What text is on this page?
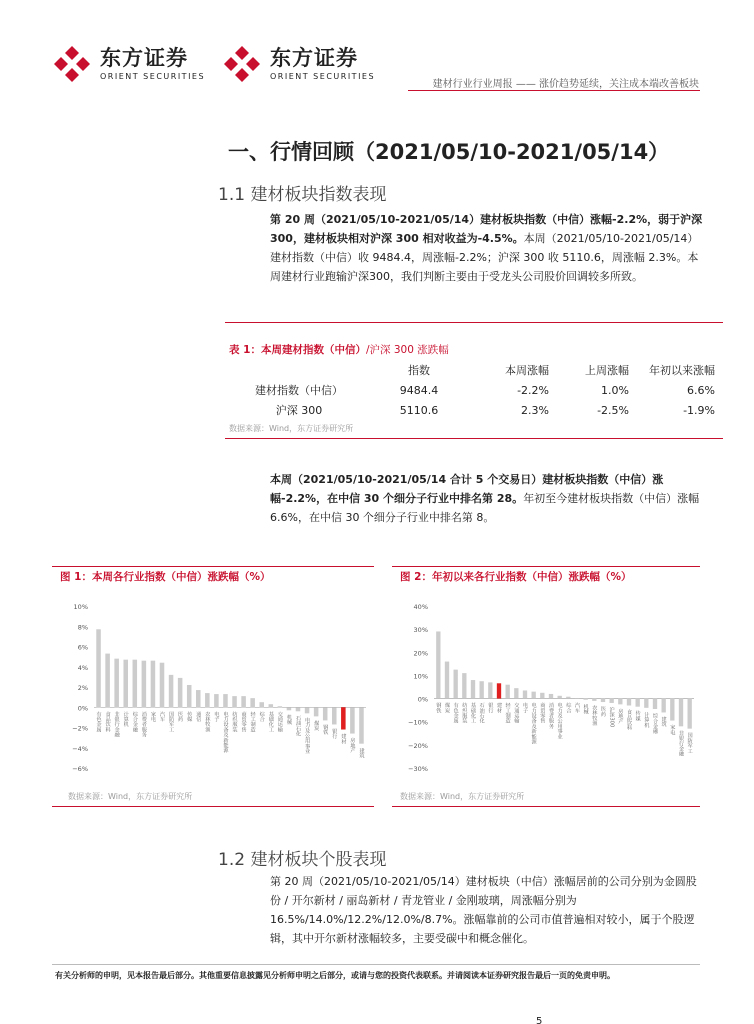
东方证券
ORIENT SECURITIES
东方证券
ORIENT SECURITIES
建材行业行业周报 —— 涨价趋势延续，关注成本端改善板块
一、行情回顾（2021/05/10-2021/05/14）
1.1 建材板块指数表现
第 20 周（2021/05/10-2021/05/14）建材板块指数（中信）涨幅-2.2%，弱于沪深 300，建材板块相对沪深 300 相对收益为-4.5%。本周（2021/05/10-2021/05/14）建材指数（中信）收 9484.4，周涨幅-2.2%；沪深 300 收 5110.6，周涨幅 2.3%。本周建材行业跑输沪深300，我们判断主要由于受龙头公司股价回调较多所致。
表 1：本周建材指数（中信）/沪深 300 涨跌幅
	指数	本周涨幅	上周涨幅	年初以来涨幅
建材指数（中信）	9484.4	-2.2%	1.0%	6.6%
沪深 300	5110.6	2.3%	-2.5%	-1.9%
数据来源：Wind，东方证券研究所
本周（2021/05/10-2021/05/14 合计 5 个交易日）建材板块指数（中信）涨幅-2.2%，在中信 30 个细分子行业中排名第 28。年初至今建材板块指数（中信）涨幅 6.6%，在中信 30 个细分子行业中排名第 8。
图 1：本周各行业指数（中信）涨跌幅（%）	图 2：年初以来各行业指数（中信）涨跌幅（%）
10%
8%
6%
4%
2%
0%
−2%
−4%
−6%
有色金属 食品饮料 非银行金融 计算机 综合金融 消费者服务 家电 汽车 国防军工 医药 传媒 通信 农林牧渔 电子 电力设备及新能源 纺织服装 商贸零售 轻工制造 综合 基础化工 交通运输 机械 石油石化 电力及公用事业 煤炭 钢铁 银行 建材 房地产 建筑
40%
30%
20%
10%
0%
−10%
−20%
−30%
钢铁 煤炭 有色金属 纺织服装 基础化工 石油石化 银行 建材 轻工制造 交通运输 电子 电力设备及新能源 商贸零售 消费者服务 电力及公用事业 综合 汽车 机械 农林牧渔 医药 沪深300 房地产 食品饮料 传媒 计算机 综合金融 建筑
家电
非银行金融 国防军工
数据来源：Wind，东方证券研究所	数据来源：Wind，东方证券研究所
1.2 建材板块个股表现
第 20 周（2021/05/10-2021/05/14）建材板块（中信）涨幅居前的公司分别为金圆股份 / 开尔新材 / 丽岛新材 / 青龙管业 / 金刚玻璃，周涨幅分别为 16.5%/14.0%/12.2%/12.0%/8.7%。涨幅靠前的公司市值普遍相对较小，属于个股逻辑，其中开尔新材涨幅较多，主要受碳中和概念催化。
有关分析师的申明，见本报告最后部分。其他重要信息披露见分析师申明之后部分，或请与您的投资代表联系。并请阅读本证券研究报告最后一页的免责申明。
5
